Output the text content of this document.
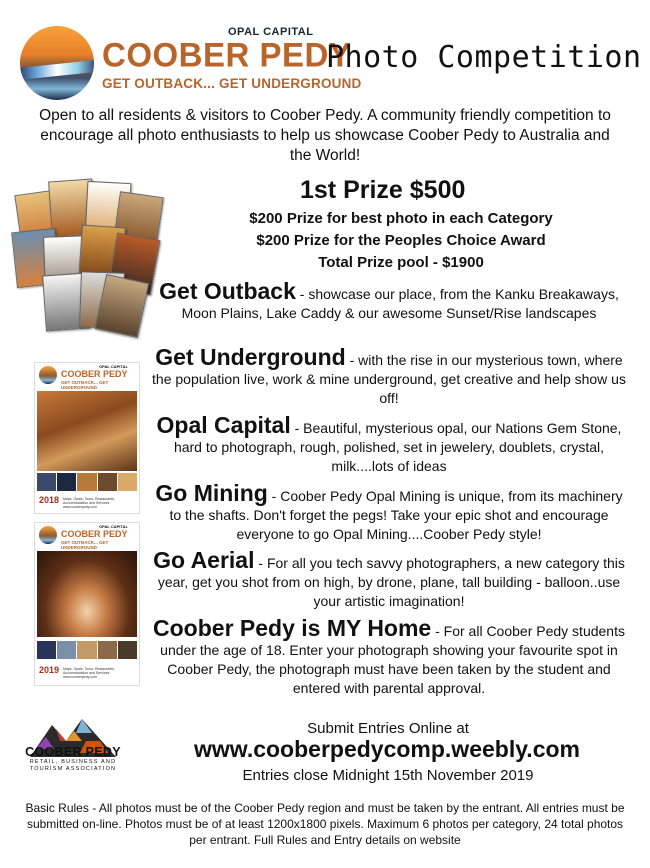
OPAL CAPITAL
COOBER PEDY
GET OUTBACK... GET UNDERGROUND
Photo Competition
Open to all residents & visitors to Coober Pedy. A community friendly competition to encourage all photo enthusiasts to help us showcase Coober Pedy to Australia and the World!
OPAL CAPITAL
COOBER PEDY
GET OUTBACK... GET UNDERGROUND
2018 Maps, Opals, Tours, Restaurants, Accommodation and Services www.cooberpedy.com
OPAL CAPITAL
COOBER PEDY
GET OUTBACK... GET UNDERGROUND
2019 Maps, Opals, Tours, Restaurants, Accommodation and Services www.cooberpedy.com
1st Prize $500
$200 Prize for best photo in each Category
$200 Prize for the Peoples Choice Award
Total Prize pool - $1900
Get Outback - showcase our place, from the Kanku Breakaways, Moon Plains, Lake Caddy & our awesome Sunset/Rise landscapes
Get Underground - with the rise in our mysterious town, where the population live, work & mine underground, get creative and help show us off!
Opal Capital - Beautiful, mysterious opal, our Nations Gem Stone, hard to photograph, rough, polished, set in jewelery, doublets, crystal, milk....lots of ideas
Go Mining - Coober Pedy Opal Mining is unique, from its machinery to the shafts. Don't forget the pegs! Take your epic shot and encourage everyone to go Opal Mining....Coober Pedy style!
Go Aerial - For all you tech savvy photographers, a new category this year, get you shot from on high, by drone, plane, tall building - balloon..use your artistic imagination!
Coober Pedy is MY Home - For all Coober Pedy students under the age of 18. Enter your photograph showing your favourite spot in Coober Pedy, the photograph must have been taken by the student and entered with parental approval.
COOBER PEDY
RETAIL, BUSINESS AND
TOURISM ASSOCIATION
Submit Entries Online at
www.cooberpedycomp.weebly.com
Entries close Midnight 15th November 2019
Basic Rules - All photos must be of the Coober Pedy region and must be taken by the entrant. All entries must be submitted on-line. Photos must be of at least 1200x1800 pixels. Maximum 6 photos per category, 24 total photos per entrant. Full Rules and Entry details on website
